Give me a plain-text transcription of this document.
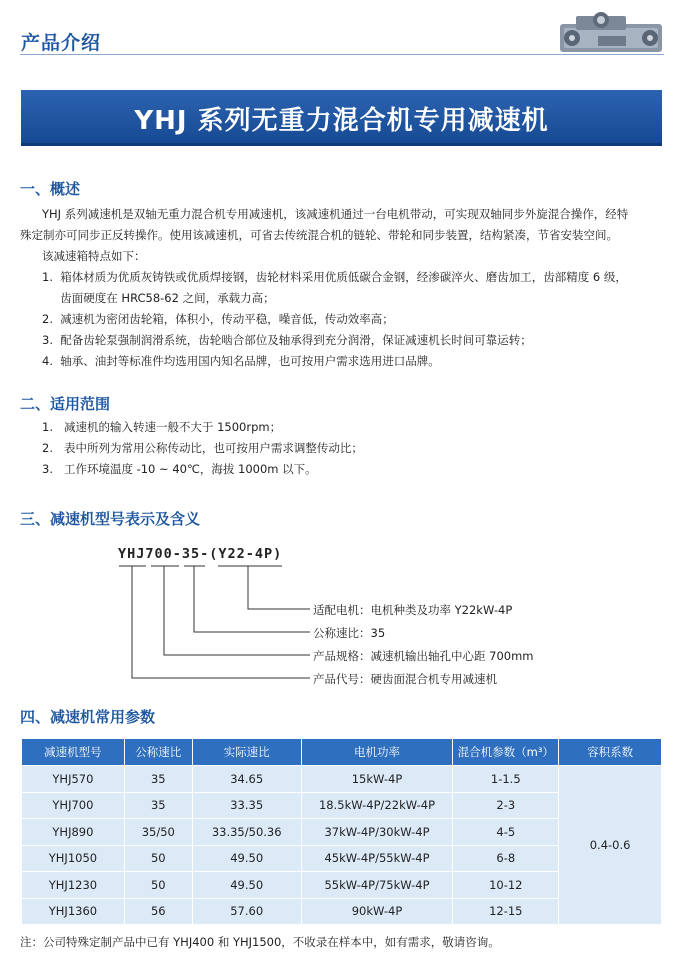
产品介绍
YHJ 系列无重力混合机专用减速机
一、概述
YHJ 系列减速机是双轴无重力混合机专用减速机，该减速机通过一台电机带动，可实现双轴同步外旋混合操作，经特
殊定制亦可同步正反转操作。使用该减速机，可省去传统混合机的链轮、带轮和同步装置，结构紧凑，节省安装空间。
该减速箱特点如下：
1.  箱体材质为优质灰铸铁或优质焊接钢，齿轮材料采用优质低碳合金钢，经渗碳淬火、磨齿加工，齿部精度 6 级，
齿面硬度在 HRC58-62 之间，承载力高；
2.  减速机为密闭齿轮箱，体积小，传动平稳，噪音低，传动效率高；
3.  配备齿轮泵强制润滑系统，齿轮啮合部位及轴承得到充分润滑，保证减速机长时间可靠运转；
4.  轴承、油封等标准件均选用国内知名品牌，也可按用户需求选用进口品牌。
二、适用范围
1.   减速机的输入转速一般不大于 1500rpm；
2.   表中所列为常用公称传动比，也可按用户需求调整传动比；
3.   工作环境温度 -10 ~ 40℃，海拔 1000m 以下。
三、减速机型号表示及含义
YHJ700-35-(Y22-4P)
适配电机：电机种类及功率 Y22kW-4P
公称速比：35
产品规格：减速机输出轴孔中心距 700mm
产品代号：硬齿面混合机专用减速机
四、减速机常用参数
减速机型号	公称速比	实际速比	电机功率	混合机参数（m³）	容积系数
YHJ570	35	34.65	15kW-4P	1-1.5	0.4-0.6
YHJ700	35	33.35	18.5kW-4P/22kW-4P	2-3	
YHJ890	35/50	33.35/50.36	37kW-4P/30kW-4P	4-5	
YHJ1050	50	49.50	45kW-4P/55kW-4P	6-8	
YHJ1230	50	49.50	55kW-4P/75kW-4P	10-12	
YHJ1360	56	57.60	90kW-4P	12-15	
注：公司特殊定制产品中已有 YHJ400 和 YHJ1500，不收录在样本中，如有需求，敬请咨询。
